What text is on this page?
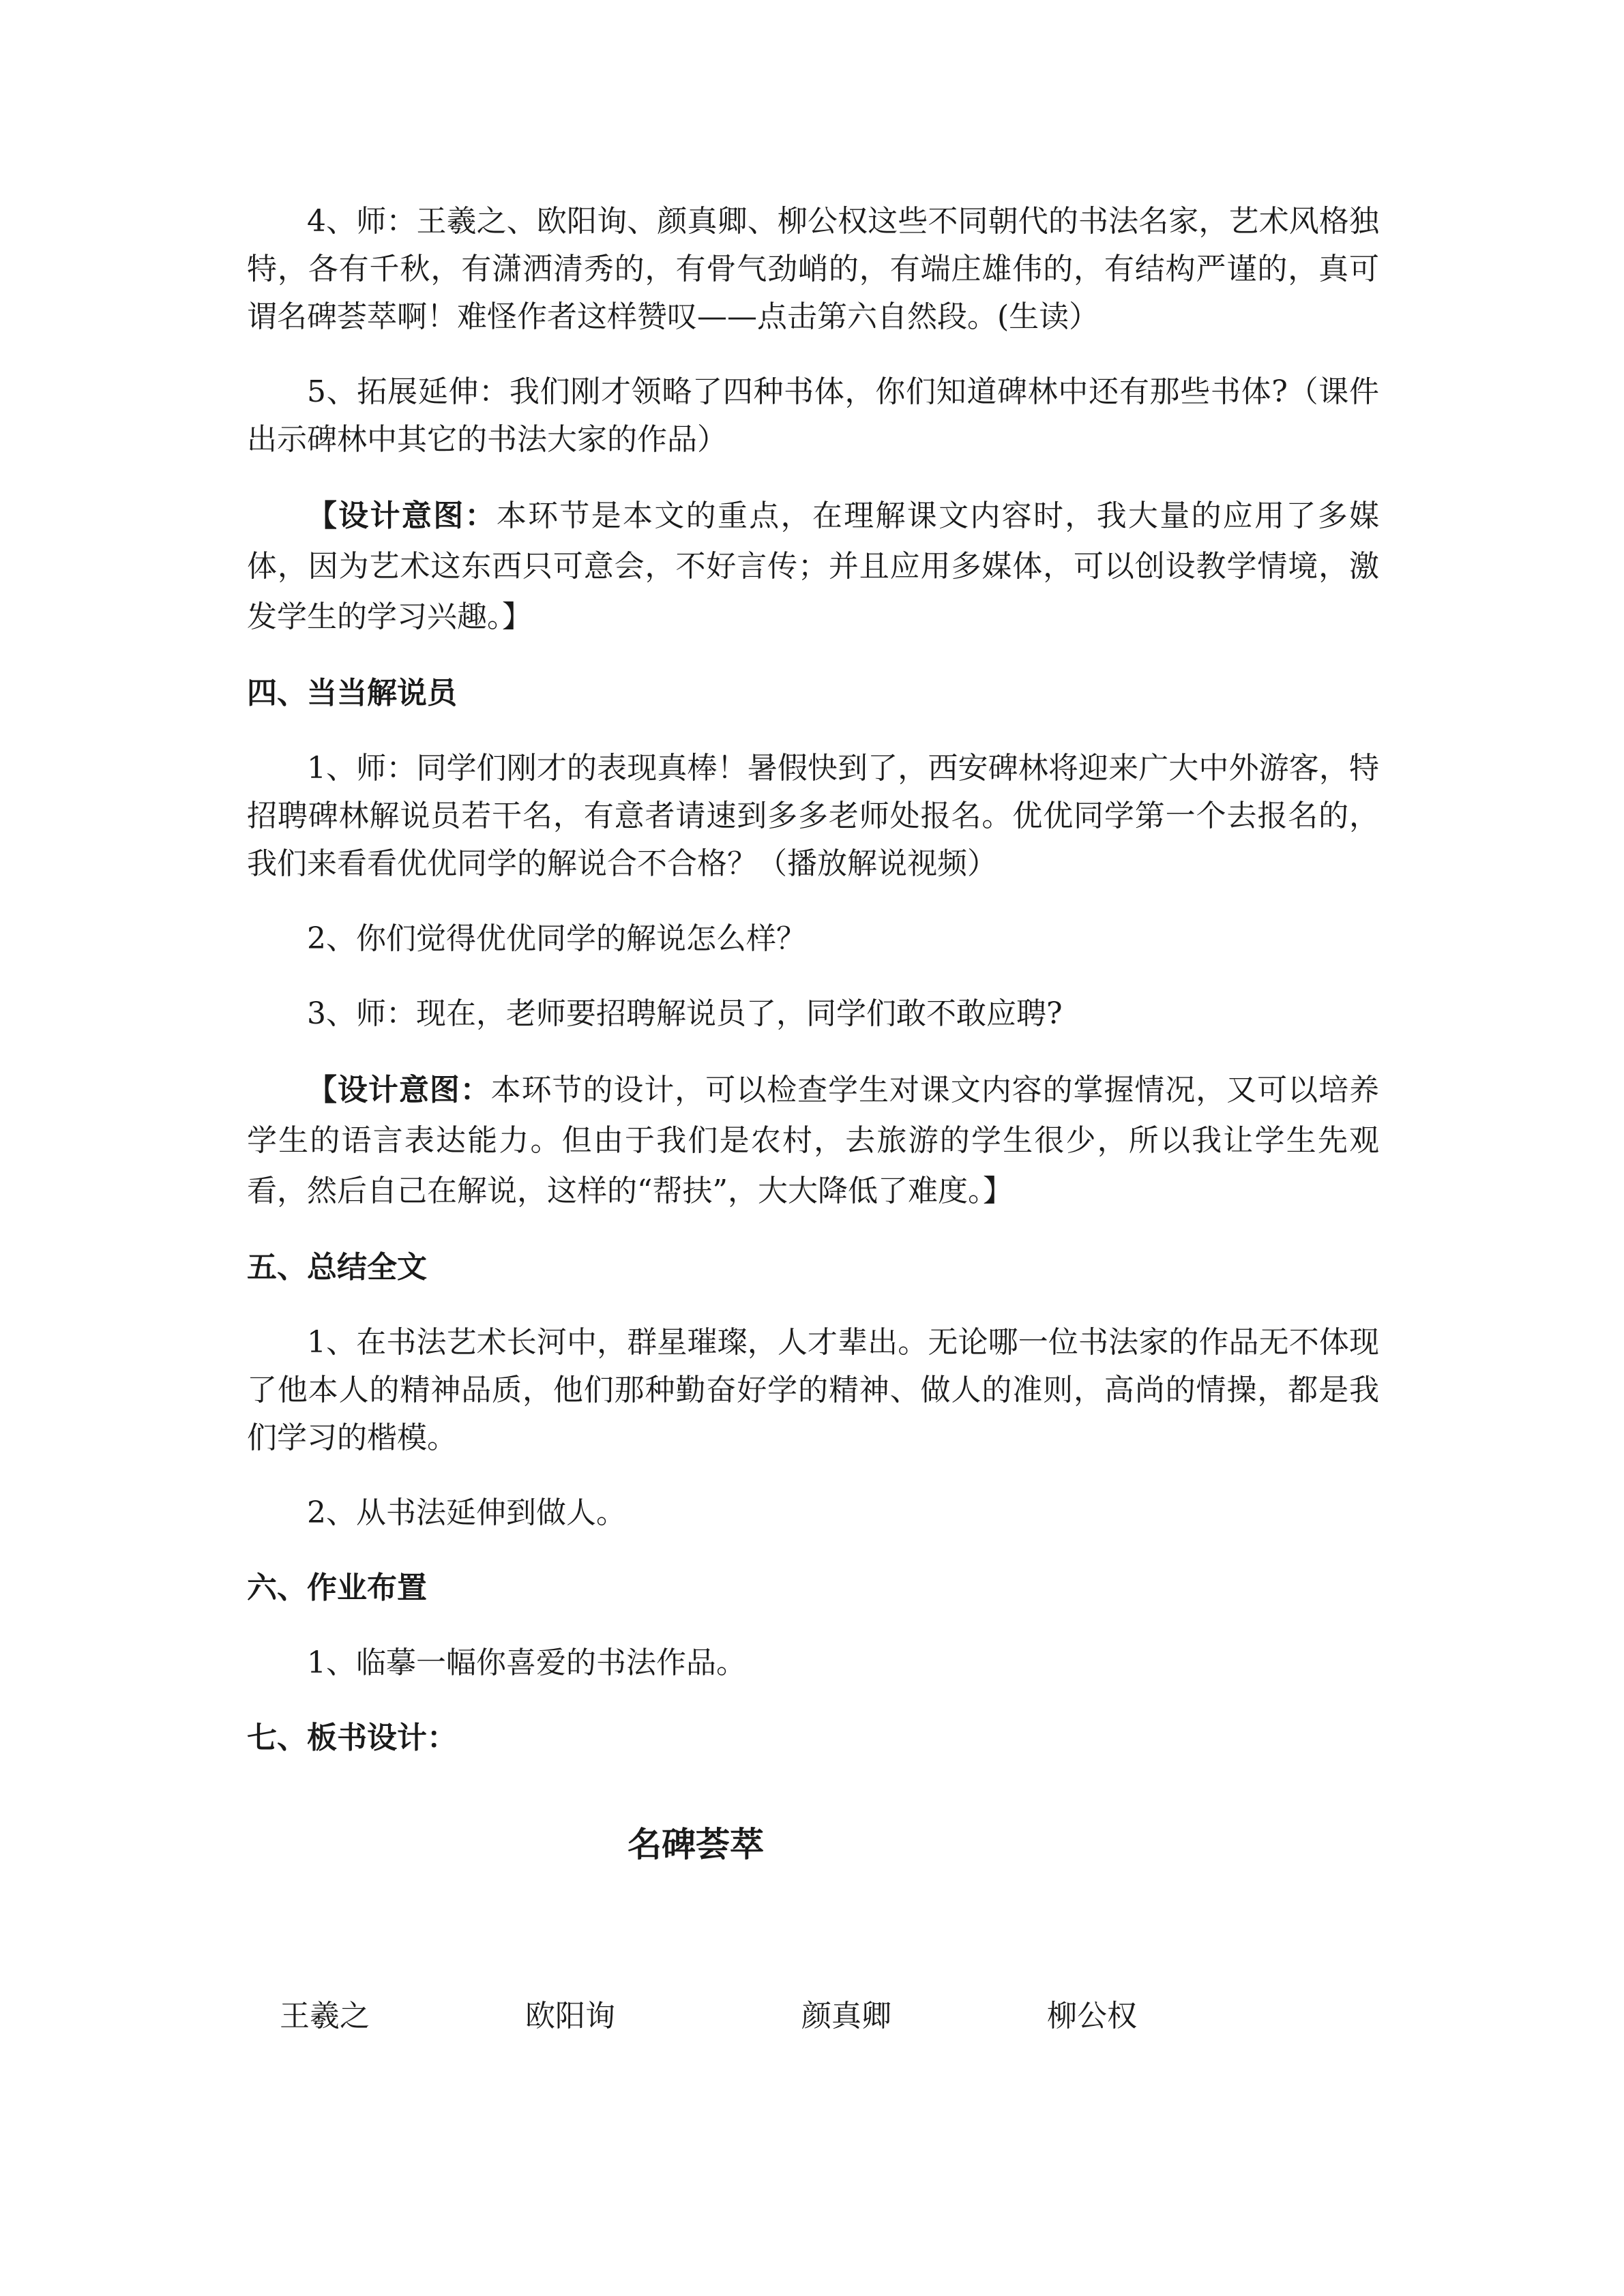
4、师：王羲之、欧阳询、颜真卿、柳公权这些不同朝代的书法名家，艺术风格独特，各有千秋，有潇洒清秀的，有骨气劲峭的，有端庄雄伟的，有结构严谨的，真可谓名碑荟萃啊！难怪作者这样赞叹——点击第六自然段。(生读）

5、拓展延伸：我们刚才领略了四种书体，你们知道碑林中还有那些书体?（课件出示碑林中其它的书法大家的作品）

【设计意图：本环节是本文的重点，在理解课文内容时，我大量的应用了多媒体，因为艺术这东西只可意会，不好言传；并且应用多媒体，可以创设教学情境，激发学生的学习兴趣。】

四、当当解说员

1、师：同学们刚才的表现真棒！暑假快到了，西安碑林将迎来广大中外游客，特招聘碑林解说员若干名，有意者请速到多多老师处报名。优优同学第一个去报名的，我们来看看优优同学的解说合不合格？（播放解说视频）

2、你们觉得优优同学的解说怎么样？

3、师：现在，老师要招聘解说员了，同学们敢不敢应聘?

【设计意图：本环节的设计，可以检查学生对课文内容的掌握情况，又可以培养学生的语言表达能力。但由于我们是农村，去旅游的学生很少，所以我让学生先观看，然后自己在解说，这样的“帮扶”，大大降低了难度。】

五、总结全文

1、在书法艺术长河中，群星璀璨，人才辈出。无论哪一位书法家的作品无不体现了他本人的精神品质，他们那种勤奋好学的精神、做人的准则，高尚的情操，都是我们学习的楷模。

2、从书法延伸到做人。

六、作业布置

1、临摹一幅你喜爱的书法作品。

七、板书设计：

名碑荟萃

王羲之	欧阳询	颜真卿	柳公权
